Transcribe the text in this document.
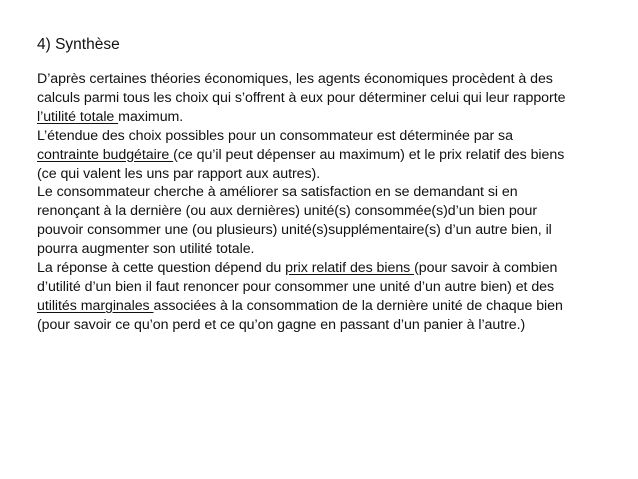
4) Synthèse
D’après certaines théories économiques, les agents économiques procèdent à des
calculs parmi tous les choix qui s’offrent à eux pour déterminer celui qui leur rapporte
l’utilité totale maximum.
L’étendue des choix possibles pour un consommateur est déterminée par sa
contrainte budgétaire (ce qu’il peut dépenser au maximum) et le prix relatif des biens
(ce qui valent les uns par rapport aux autres).
Le consommateur cherche à améliorer sa satisfaction en se demandant si en
renonçant à la dernière (ou aux dernières) unité(s) consommée(s)d’un bien pour
pouvoir consommer une (ou plusieurs) unité(s)supplémentaire(s) d’un autre bien, il
pourra augmenter son utilité totale.
La réponse à cette question dépend du prix relatif des biens (pour savoir à combien
d’utilité d’un bien il faut renoncer pour consommer une unité d’un autre bien) et des
utilités marginales associées à la consommation de la dernière unité de chaque bien
(pour savoir ce qu’on perd et ce qu’on gagne en passant d’un panier à l’autre.)
